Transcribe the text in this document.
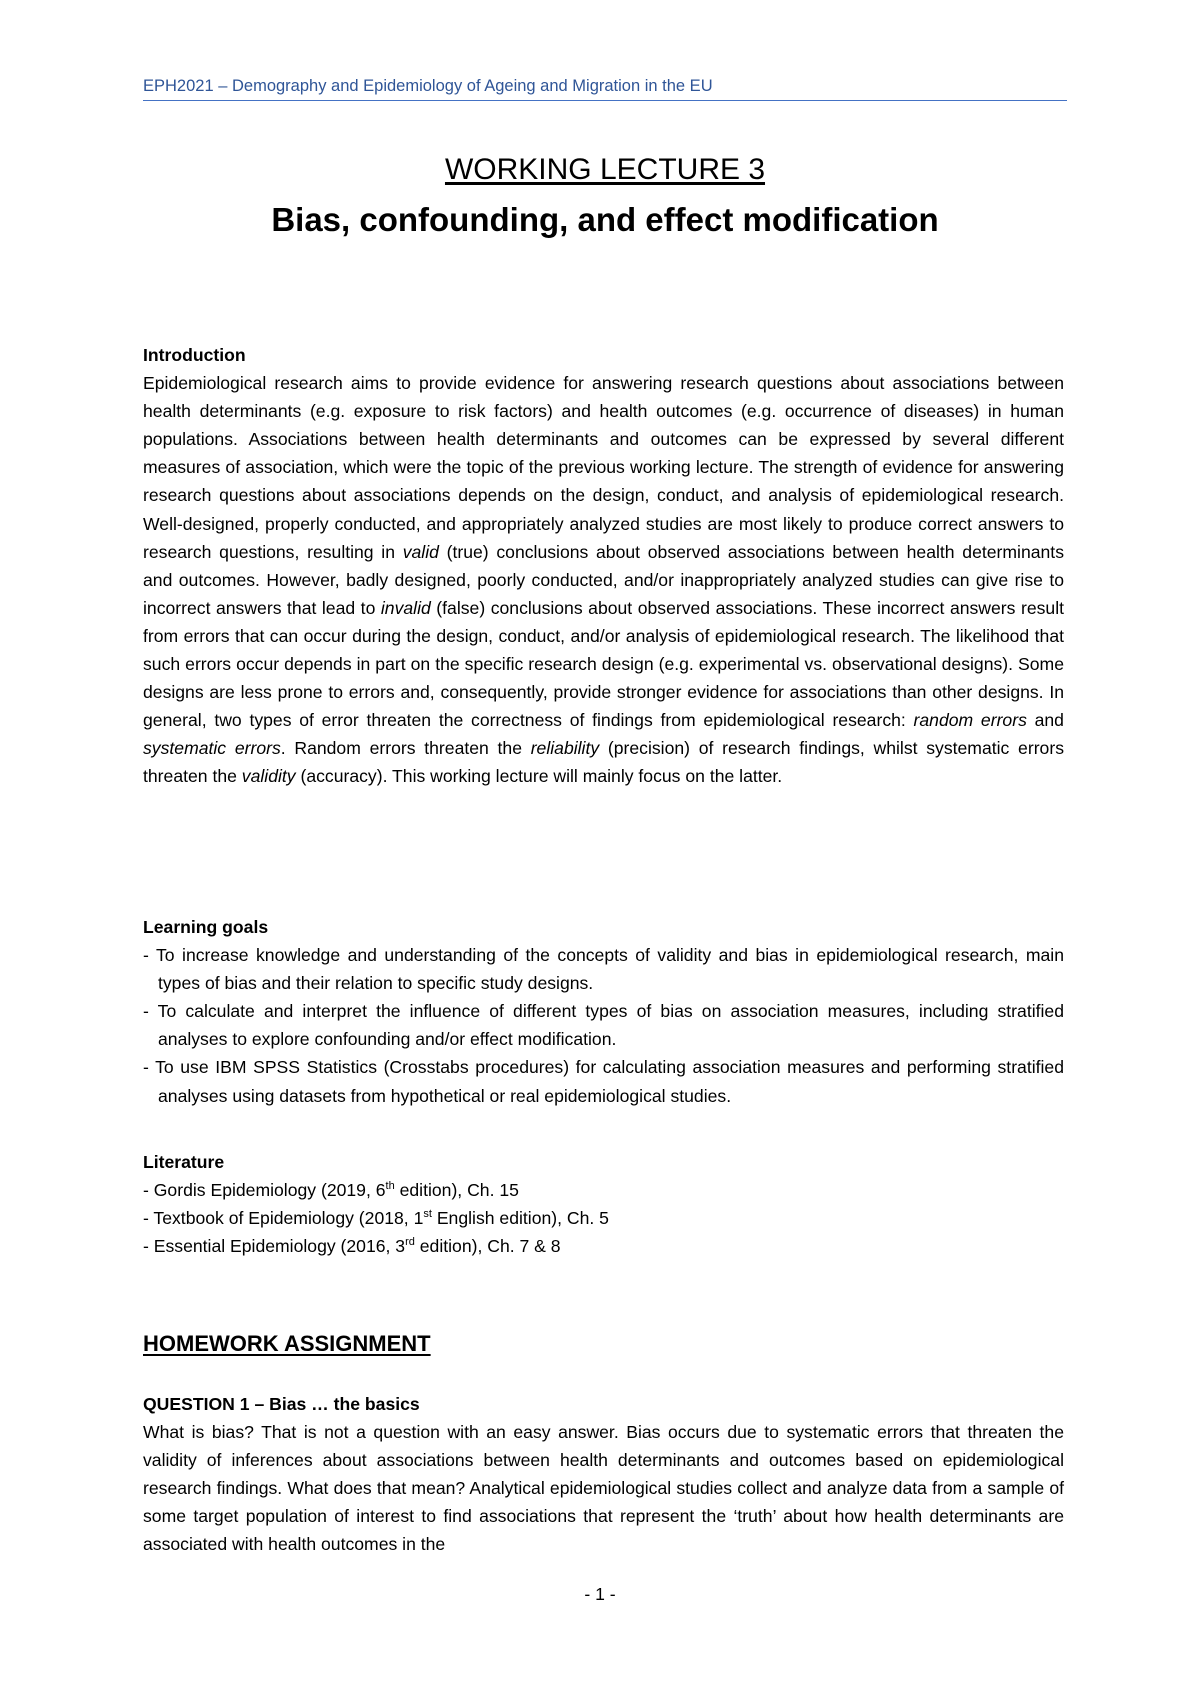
EPH2021 – Demography and Epidemiology of Ageing and Migration in the EU
WORKING LECTURE 3
Bias, confounding, and effect modification

Introduction

Epidemiological research aims to provide evidence for answering research questions about associations between health determinants (e.g. exposure to risk factors) and health outcomes (e.g. occurrence of diseases) in human populations. Associations between health determinants and outcomes can be expressed by several different measures of association, which were the topic of the previous working lecture. The strength of evidence for answering research questions about associations depends on the design, conduct, and analysis of epidemiological research. Well-designed, properly conducted, and appropriately analyzed studies are most likely to produce correct answers to research questions, resulting in valid (true) conclusions about observed associations between health determinants and outcomes. However, badly designed, poorly conducted, and/or inappropriately analyzed studies can give rise to incorrect answers that lead to invalid (false) conclusions about observed associations. These incorrect answers result from errors that can occur during the design, conduct, and/or analysis of epidemiological research. The likelihood that such errors occur depends in part on the specific research design (e.g. experimental vs. observational designs). Some designs are less prone to errors and, consequently, provide stronger evidence for associations than other designs. In general, two types of error threaten the correctness of findings from epidemiological research: random errors and systematic errors. Random errors threaten the reliability (precision) of research findings, whilst systematic errors threaten the validity (accuracy). This working lecture will mainly focus on the latter.

Learning goals

- To increase knowledge and understanding of the concepts of validity and bias in epidemiological research, main types of bias and their relation to specific study designs.
- To calculate and interpret the influence of different types of bias on association measures, including stratified analyses to explore confounding and/or effect modification.
- To use IBM SPSS Statistics (Crosstabs procedures) for calculating association measures and performing stratified analyses using datasets from hypothetical or real epidemiological studies.

Literature

- Gordis Epidemiology (2019, 6th edition), Ch. 15
- Textbook of Epidemiology (2018, 1st English edition), Ch. 5
- Essential Epidemiology (2016, 3rd edition), Ch. 7 & 8

HOMEWORK ASSIGNMENT

QUESTION 1 – Bias … the basics

What is bias? That is not a question with an easy answer. Bias occurs due to systematic errors that threaten the validity of inferences about associations between health determinants and outcomes based on epidemiological research findings. What does that mean? Analytical epidemiological studies collect and analyze data from a sample of some target population of interest to find associations that represent the ‘truth’ about how health determinants are associated with health outcomes in the

- 1 -
